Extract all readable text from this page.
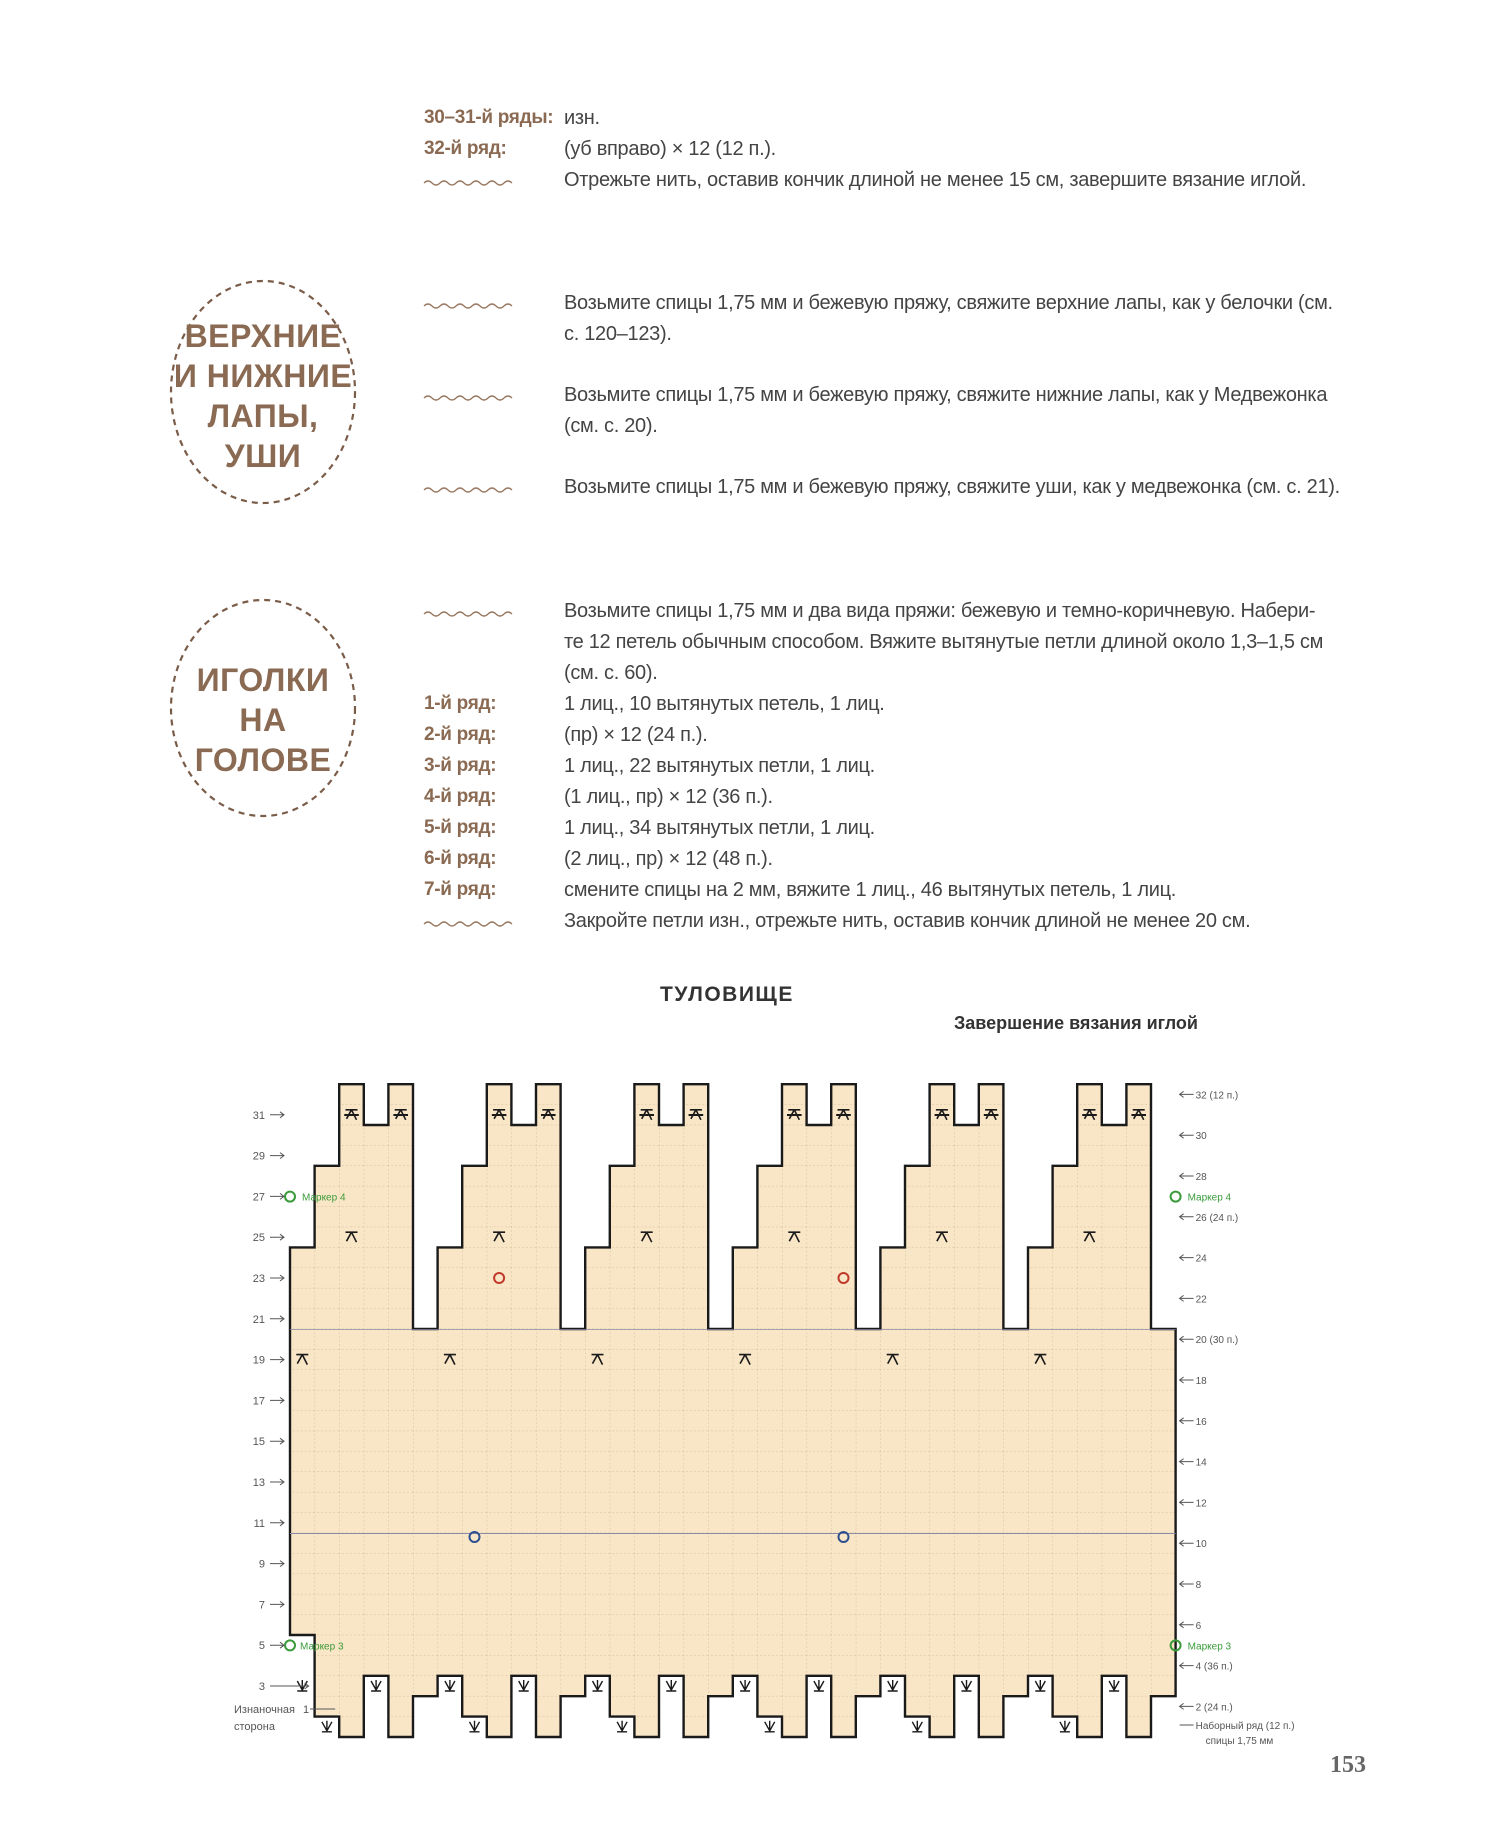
30–31-й ряды: изн.
32-й ряд:	(уб вправо) × 12 (12 п.).
Отрежьте нить, оставив кончик длиной не менее 15 см, завершите вязание иглой.
ВЕРХНИЕ
И НИЖНИЕ
ЛАПЫ,
УШИ
Возьмите спицы 1,75 мм и бежевую пряжу, свяжите верхние лапы, как у белочки (см.
с. 120–123).
Возьмите спицы 1,75 мм и бежевую пряжу, свяжите нижние лапы, как у Медвежонка
(см. с. 20).
Возьмите спицы 1,75 мм и бежевую пряжу, свяжите уши, как у медвежонка (см. с. 21).
ИГОЛКИ
НА ГОЛОВЕ
Возьмите спицы 1,75 мм и два вида пряжи: бежевую и темно-коричневую. Набери-
те 12 петель обычным способом. Вяжите вытянутые петли длиной около 1,3–1,5 см
(см. с. 60).
1-й ряд:	1 лиц., 10 вытянутых петель, 1 лиц.
2-й ряд:	(пр) × 12 (24 п.).
3-й ряд:	1 лиц., 22 вытянутых петли, 1 лиц.
4-й ряд:	(1 лиц., пр) × 12 (36 п.).
5-й ряд:	1 лиц., 34 вытянутых петли, 1 лиц.
6-й ряд:	(2 лиц., пр) × 12 (48 п.).
7-й ряд:	смените спицы на 2 мм, вяжите 1 лиц., 46 вытянутых петель, 1 лиц.
Закройте петли изн., отрежьте нить, оставив кончик длиной не менее 20 см.
ТУЛОВИЩЕ
Завершение вязания иглой
31
29
27
25
23
21
19
17
15
13
11
9
7
5
3
Маркер 4
Маркер 3
Изнаночная 1
сторона
32 (12 п.)
30
28
26 (24 п.)
24
22
20 (30 п.)
18
16
14
12
10
8
6
4 (36 п.)
2 (24 п.)
Маркер 4
Маркер 3
Наборный ряд (12 п.)
спицы 1,75 мм
153
